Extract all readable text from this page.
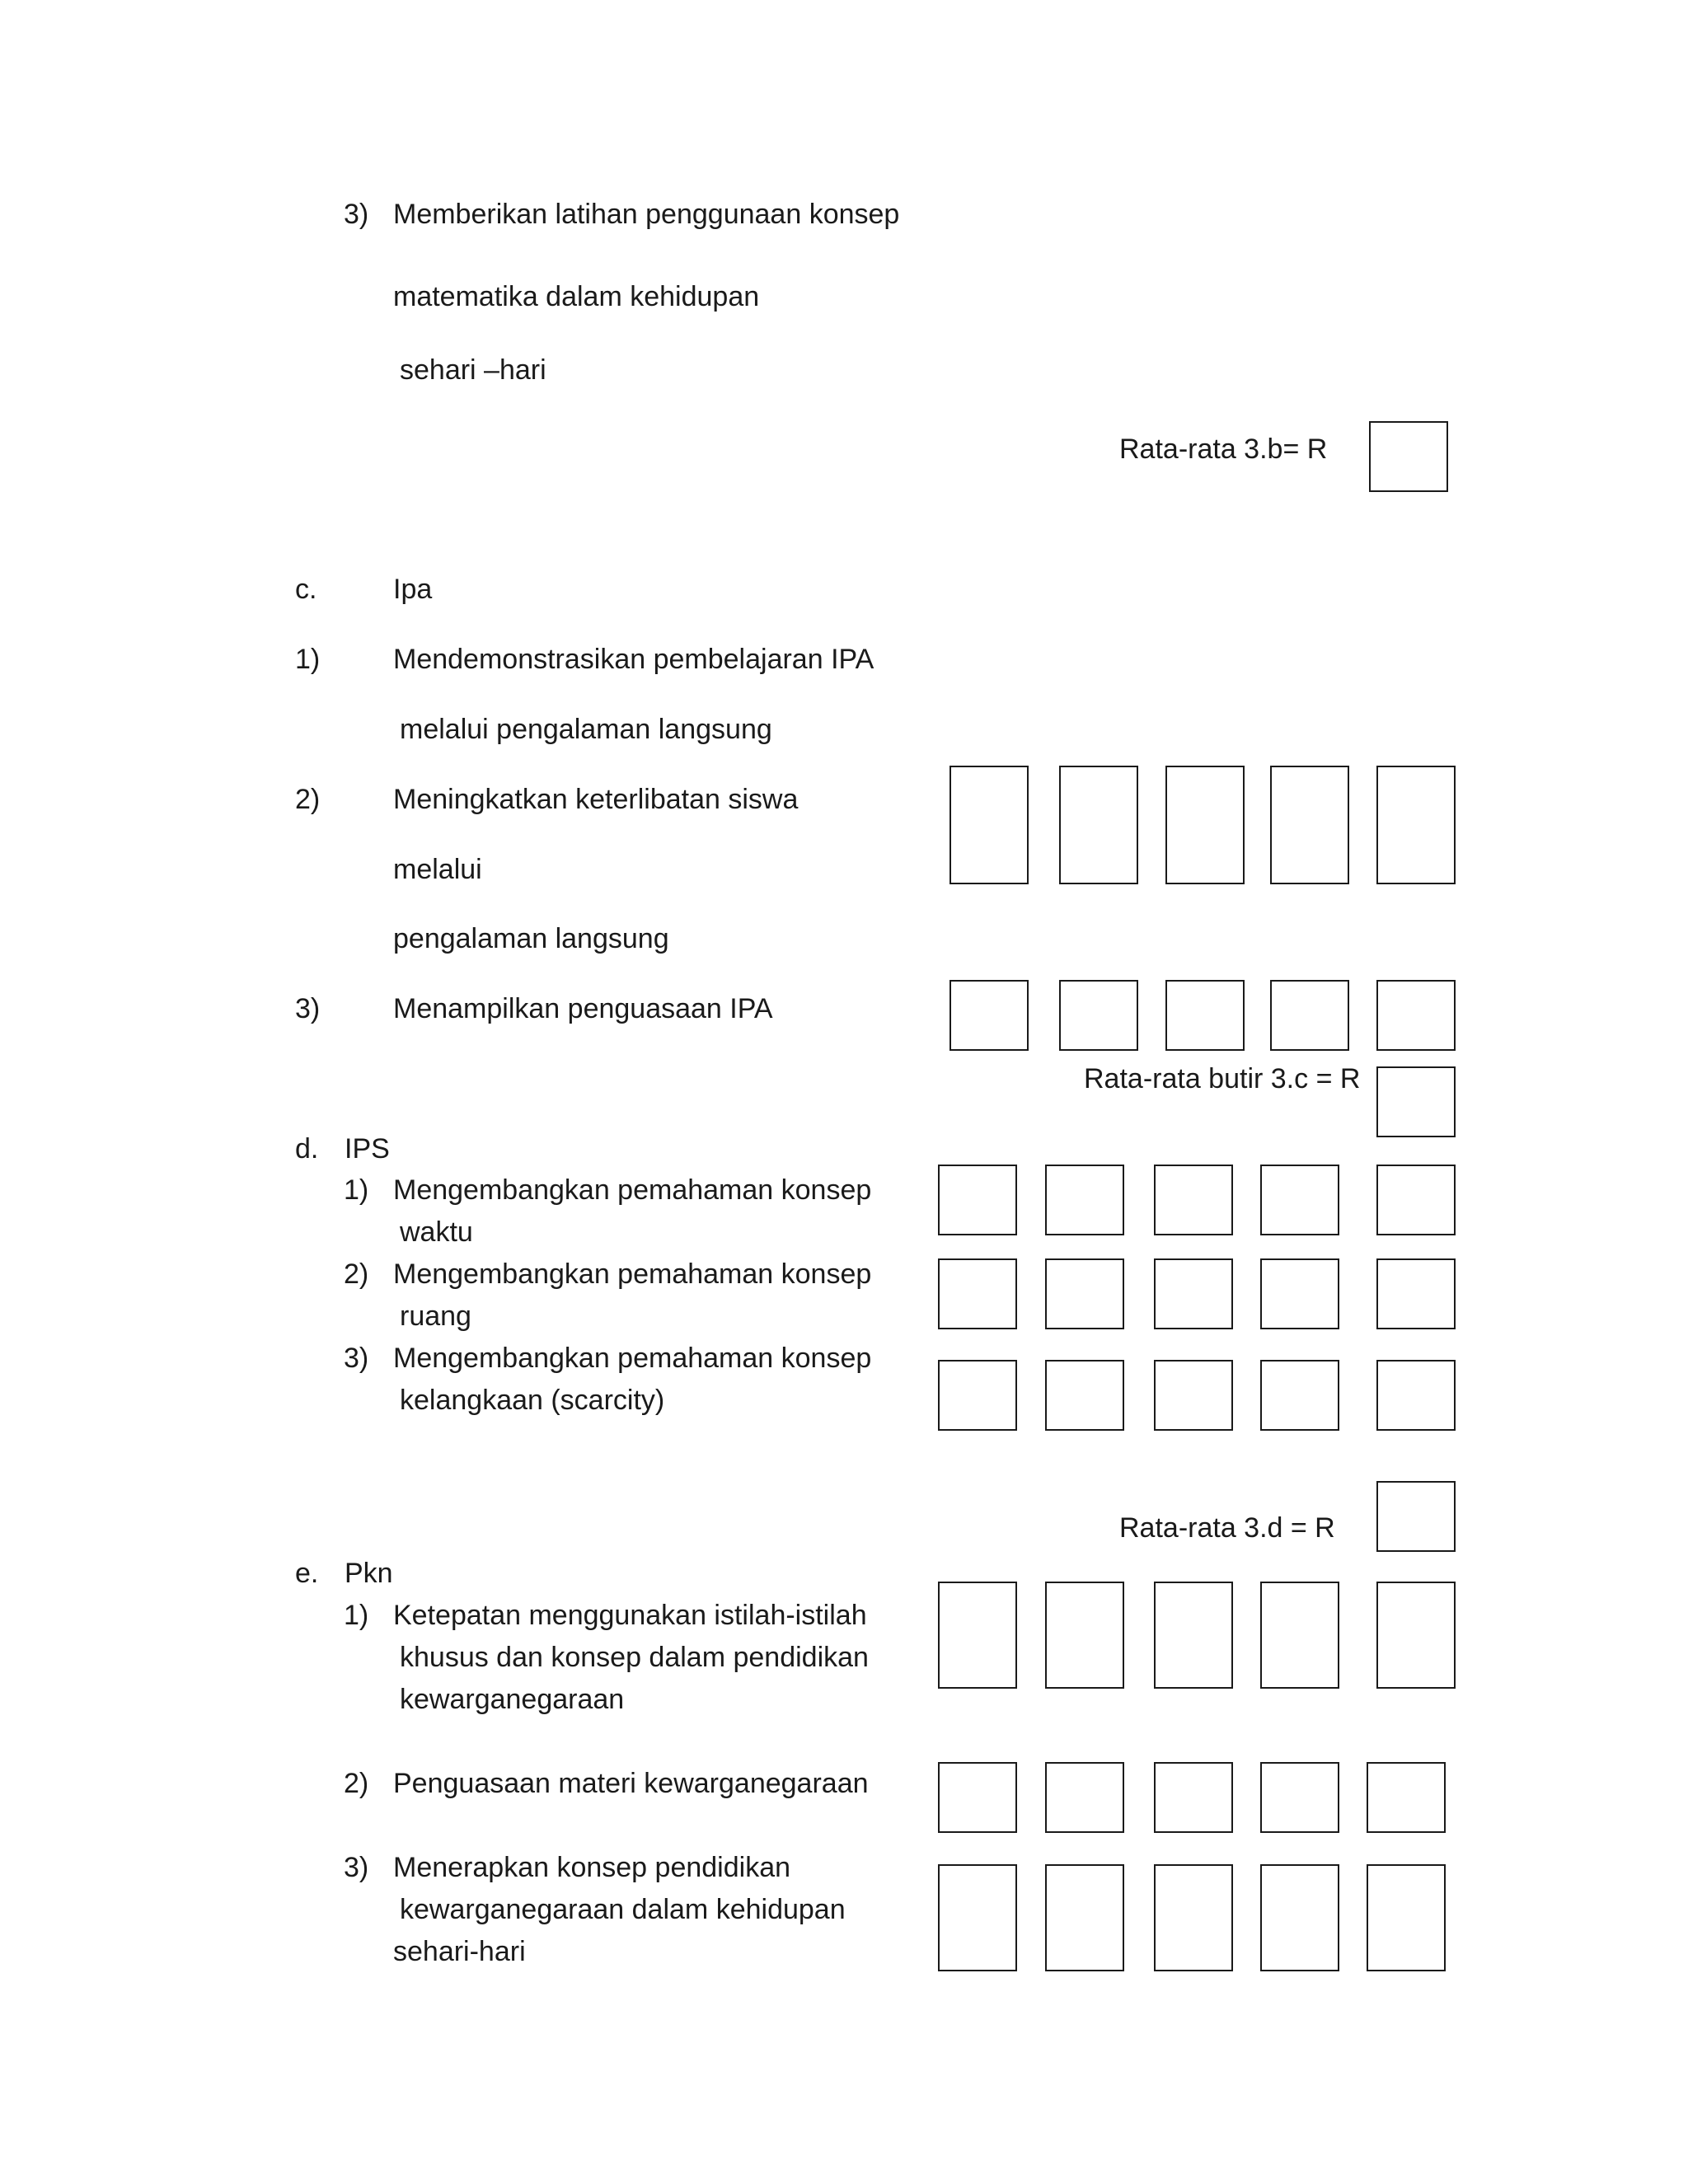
3) Memberikan latihan penggunaan konsep
matematika dalam kehidupan
sehari –hari
Rata-rata 3.b= R
c.	Ipa
1)	Mendemonstrasikan pembelajaran IPA
melalui pengalaman langsung
2)	Meningkatkan keterlibatan siswa
melalui
pengalaman langsung
3)	Menampilkan penguasaan IPA
Rata-rata butir 3.c = R
d. IPS
1) Mengembangkan pemahaman konsep
waktu
2) Mengembangkan pemahaman konsep
ruang
3) Mengembangkan pemahaman konsep
kelangkaan (scarcity)
Rata-rata 3.d = R
e. Pkn
1) Ketepatan menggunakan istilah-istilah
khusus dan konsep dalam pendidikan
kewarganegaraan
2) Penguasaan materi kewarganegaraan
3) Menerapkan konsep pendidikan
kewarganegaraan dalam kehidupan
sehari-hari
